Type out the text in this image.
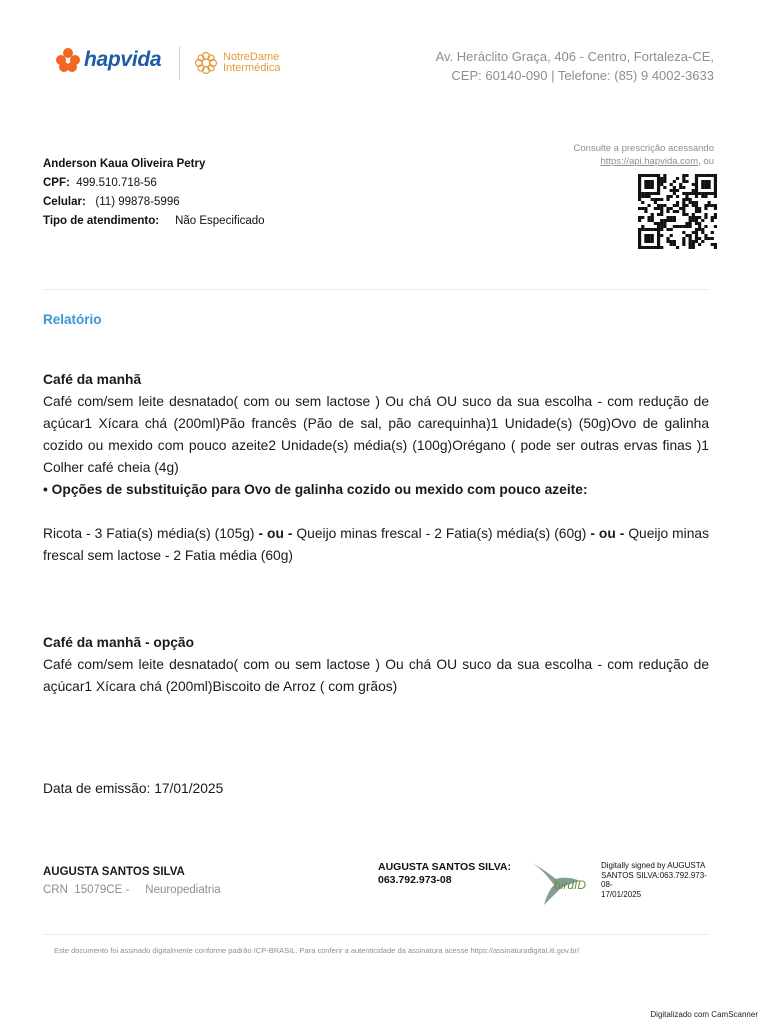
hapvida	NotreDame
Intermédica
Av. Heráclito Graça, 406 - Centro, Fortaleza-CE,
CEP: 60140-090 | Telefone: (85) 9 4002-3633
Anderson Kaua Oliveira Petry
CPF: 499.510.718-56
Celular: (11) 99878-5996
Tipo de atendimento: Não Especificado
Consulte a prescrição acessando
https://api.hapvida.com, ou
Relatório
Café da manhã

Café com/sem leite desnatado( com ou sem lactose ) Ou chá OU suco da sua escolha - com redução de açúcar1 Xícara chá (200ml)Pão francês (Pão de sal, pão carequinha)1 Unidade(s) (50g)Ovo de galinha cozido ou mexido com pouco azeite2 Unidade(s) média(s) (100g)Orégano ( pode ser outras ervas finas )1 Colher café cheia (4g)

• Opções de substituição para Ovo de galinha cozido ou mexido com pouco azeite:

Ricota - 3 Fatia(s) média(s) (105g) - ou - Queijo minas frescal - 2 Fatia(s) média(s) (60g) - ou - Queijo minas frescal sem lactose - 2 Fatia média (60g)

Café da manhã - opção

Café com/sem leite desnatado( com ou sem lactose ) Ou chá OU suco da sua escolha - com redução de açúcar1 Xícara chá (200ml)Biscoito de Arroz ( com grãos)

Data de emissão: 17/01/2025
AUGUSTA SANTOS SILVA
CRN  15079CE -     Neuropediatria
AUGUSTA SANTOS SILVA:
063.792.973-08	birdID
Digitally signed by AUGUSTA
SANTOS SILVA:063.792.973-
08-
17/01/2025
Este documento foi assinado digitalmente conforme padrão ICP-BRASIL. Para conferir a autenticidade da assinatura acesse https://assinaturadigital.iti.gov.br/
Digitalizado com CamScanner
